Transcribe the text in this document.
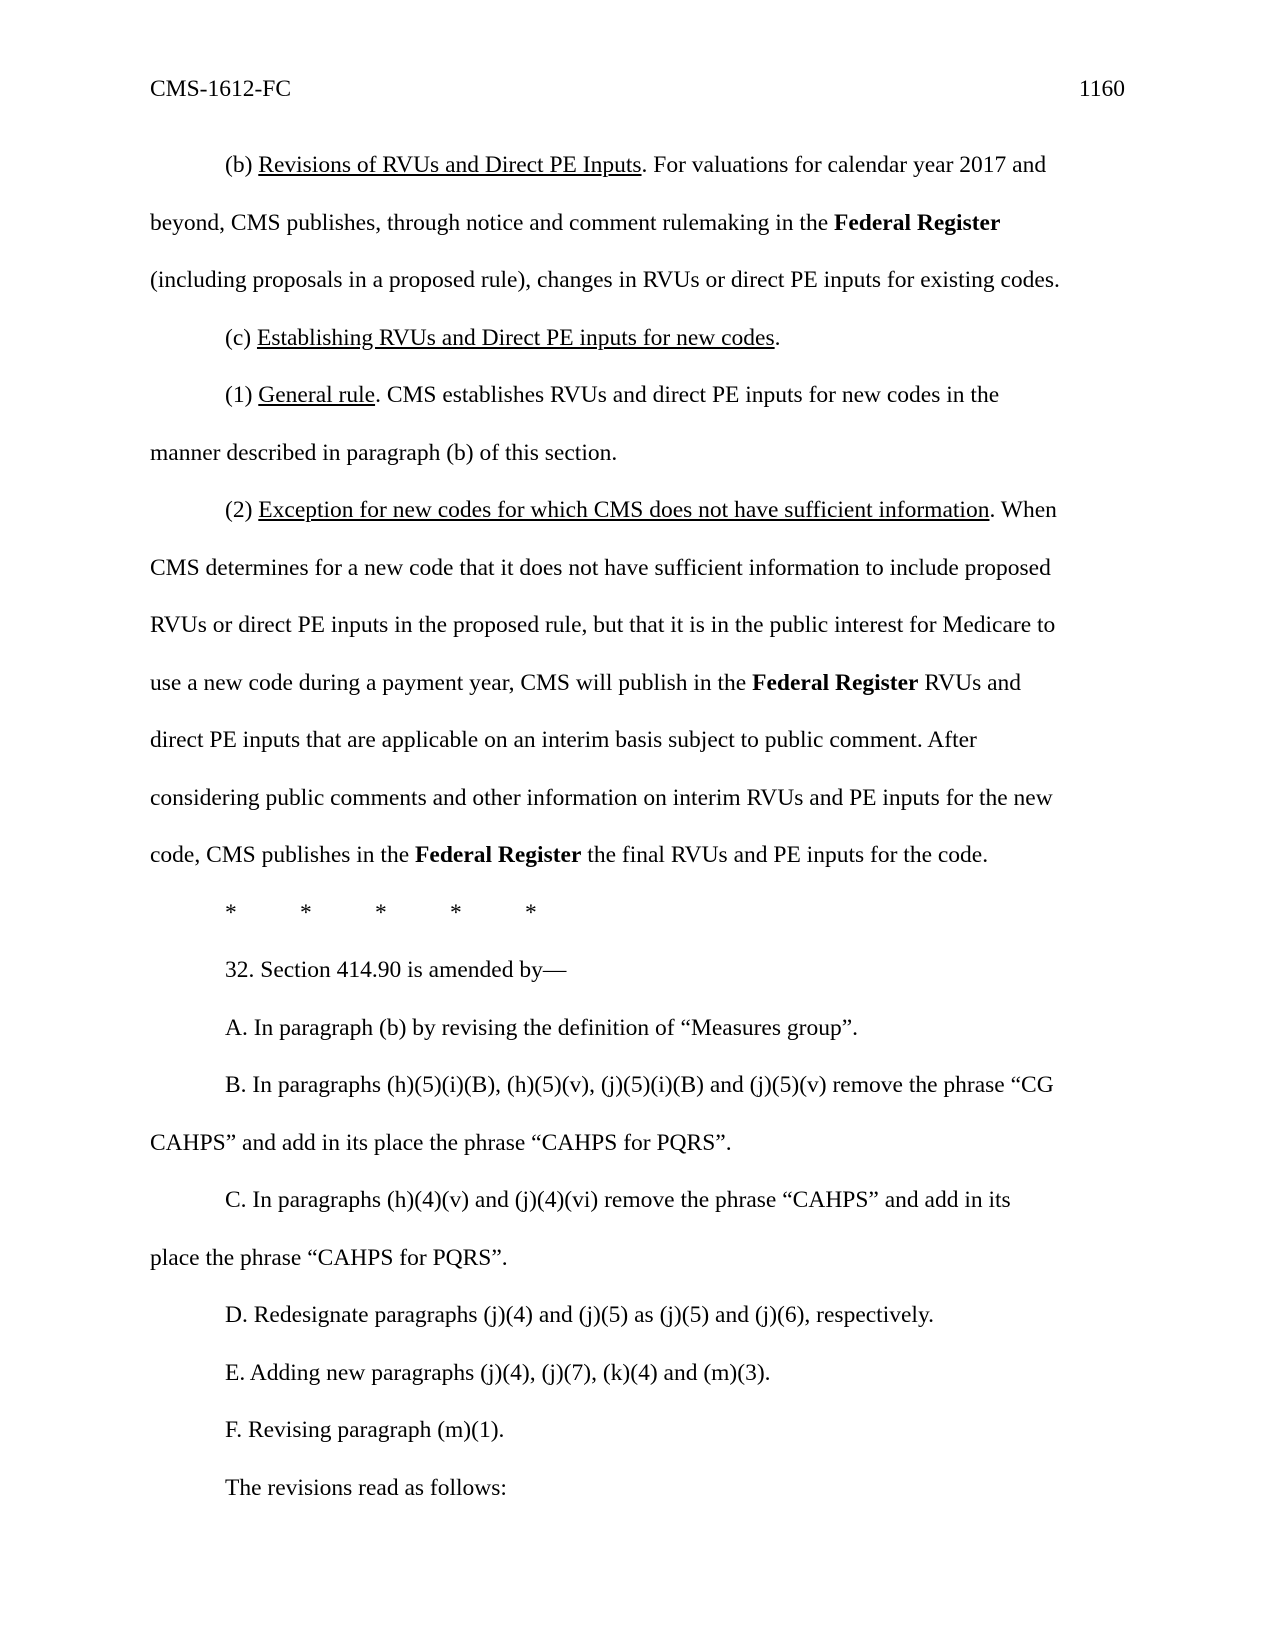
CMS-1612-FC	1160
(b) Revisions of RVUs and Direct PE Inputs. For valuations for calendar year 2017 and
beyond, CMS publishes, through notice and comment rulemaking in the Federal Register
(including proposals in a proposed rule), changes in RVUs or direct PE inputs for existing codes.
(c) Establishing RVUs and Direct PE inputs for new codes.
(1) General rule. CMS establishes RVUs and direct PE inputs for new codes in the
manner described in paragraph (b) of this section.
(2) Exception for new codes for which CMS does not have sufficient information. When
CMS determines for a new code that it does not have sufficient information to include proposed
RVUs or direct PE inputs in the proposed rule, but that it is in the public interest for Medicare to
use a new code during a payment year, CMS will publish in the Federal Register RVUs and
direct PE inputs that are applicable on an interim basis subject to public comment. After
considering public comments and other information on interim RVUs and PE inputs for the new
code, CMS publishes in the Federal Register the final RVUs and PE inputs for the code.
*	*	*	*	*
32. Section 414.90 is amended by—
A. In paragraph (b) by revising the definition of “Measures group”.
B. In paragraphs (h)(5)(i)(B), (h)(5)(v), (j)(5)(i)(B) and (j)(5)(v) remove the phrase “CG
CAHPS” and add in its place the phrase “CAHPS for PQRS”.
C. In paragraphs (h)(4)(v) and (j)(4)(vi) remove the phrase “CAHPS” and add in its
place the phrase “CAHPS for PQRS”.
D. Redesignate paragraphs (j)(4) and (j)(5) as (j)(5) and (j)(6), respectively.
E. Adding new paragraphs (j)(4), (j)(7), (k)(4) and (m)(3).
F. Revising paragraph (m)(1).
The revisions read as follows:
